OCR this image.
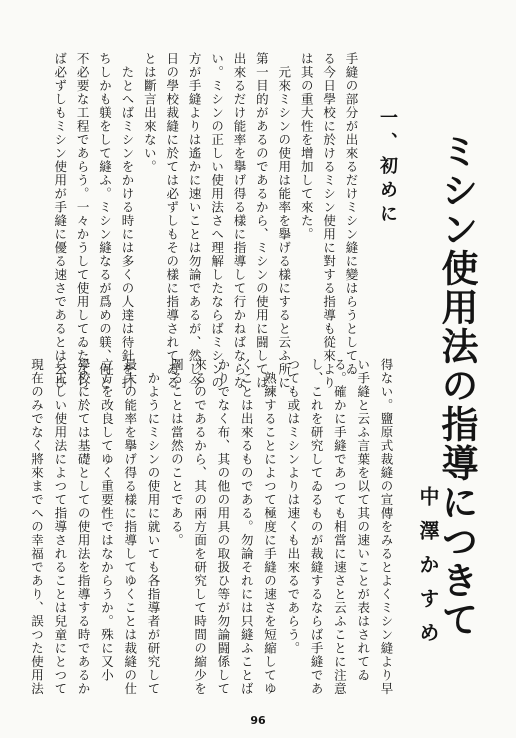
ミシン使用法の指導につきて
中澤かすめ
一、初めに
手縫の部分が出來るだけミシン縫に變はらうとしてゐ
る今日學校に於けるミシン使用に對する指導も從來より
は其の重大性を增加して來た。
　元來ミシンの使用は能率を擧げる樣にすると云ふ所に
第一目的があるのであるから、ミシンの使用に闘しては
出來るだけ能率を擧げ得る樣に指導して行かねばならな
い。ミシンの正しい使用法さへ理解したならばミシンの
方が手縫よりは遙かに速いことは勿論であるが、然し今
日の學校裁縫に於ては必ずしもその樣に指導されてゐる
とは斷言出來ない。
　たとへばミシンをかける時には多くの人達は待針を打
ちしかも躾をして縫ふ。ミシン縫なるが爲めの躾、何と
不必要な工程であらう。一々かうして使用してゐたなら
ば必ずしもミシン使用が手縫に優る速さであるとは云ひ
得ない。鹽原式裁縫の宣傳をみるとよくミシン縫より早
い手縫と云ふ言葉を以て其の速いことが表はされてゐ
る。確かに手縫であつても相當に速さと云ふことに注意
し、これを研究してゐるものが裁縫するならば手縫であ
つても或はミシンよりは速くも出來るであらう。
　熟練することによつて極度に手縫の速さを短縮してゆ
くことは出來るものである。勿論それには只縫ふことば
かりでなく布、其の他の用具の取扱ひ等が勿論闘係して
來るのであるから、其の兩方面を研究して時間の縮少を
圖ることは當然のことである。
　かようにミシンの使用に就いても各指導者が研究して
最大の能率を擧げ得る樣に指導してゆくことは裁縫の仕
立方を改良してゆく重要性ではなからうか。殊に又小
學校に於ては基礎としての使用法を指導する時であるか
ら正しい使用法によつて指導されることは兒童にとつて
現在のみでなく將來までへの幸福であり、誤つた使用法
96
